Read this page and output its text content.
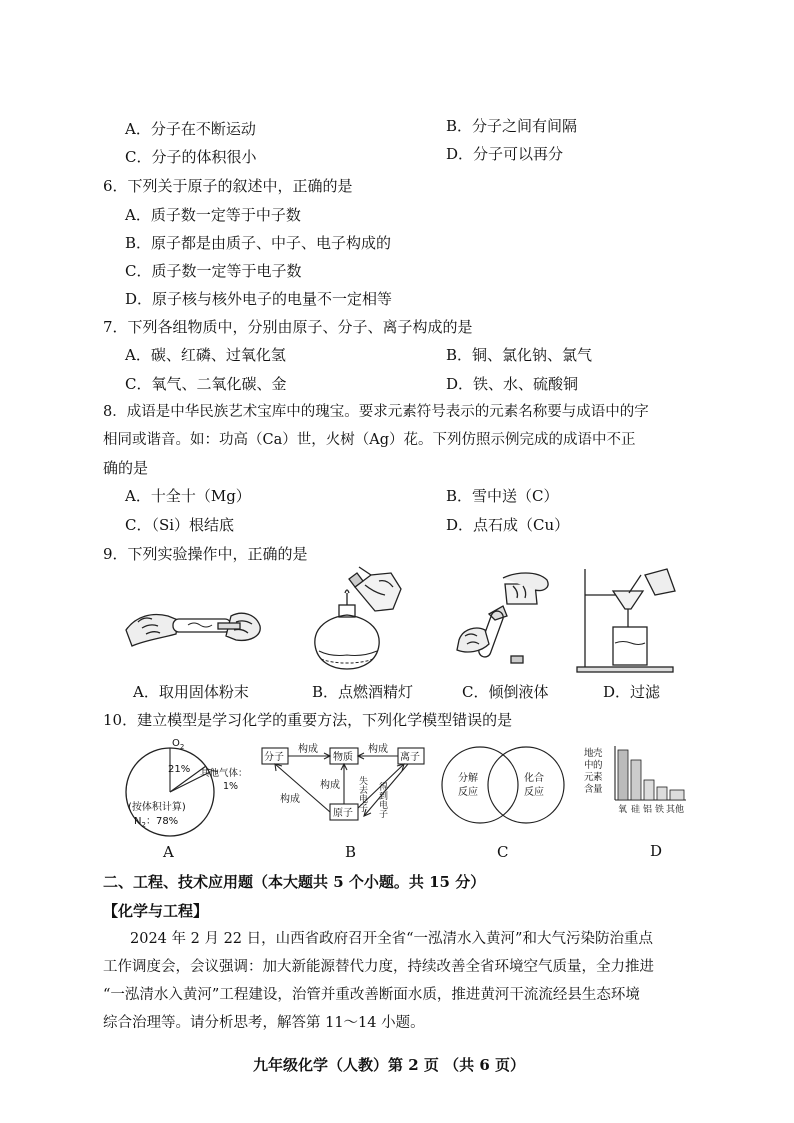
A．分子在不断运动	B．分子之间有间隔
C．分子的体积很小	D．分子可以再分
6．下列关于原子的叙述中，正确的是
A．质子数一定等于中子数
B．原子都是由质子、中子、电子构成的
C．质子数一定等于电子数
D．原子核与核外电子的电量不一定相等
7．下列各组物质中，分别由原子、分子、离子构成的是
A．碳、红磷、过氧化氢	B．铜、氯化钠、氯气
C．氧气、二氧化碳、金	D．铁、水、硫酸铜
8．成语是中华民族艺术宝库中的瑰宝。要求元素符号表示的元素名称要与成语中的字
相同或谐音。如：功高（Ca）世，火树（Ag）花。下列仿照示例完成的成语中不正
确的是
A．十全十（Mg）	B．雪中送（C）
C．（Si）根结底	D．点石成（Cu）
9．下列实验操作中，正确的是
A．取用固体粉末	B．点燃酒精灯	C．倾倒液体	D．过滤
10．建立模型是学习化学的重要方法，下列化学模型错误的是
$O_2$
21% 其他气体：
1%
(按体积计算)
$N_2$：78%
分子	物质	离子
原子
构成	构成
构成
构成 失去电子 得到电子
分解
反应
化合
反应
地 壳
中 的
元 素
含 量
氧 硅 铝 铁 其他
A	B	C	D
二、工程、技术应用题（本大题共 5 个小题。共 15 分）
【化学与工程】
2024 年 2 月 22 日，山西省政府召开全省“一泓清水入黄河”和大气污染防治重点
工作调度会，会议强调：加大新能源替代力度，持续改善全省环境空气质量，全力推进
“一泓清水入黄河”工程建设，治管并重改善断面水质，推进黄河干流流经县生态环境
综合治理等。请分析思考，解答第 11～14 小题。
九年级化学（人教）第 2 页 （共 6 页）
